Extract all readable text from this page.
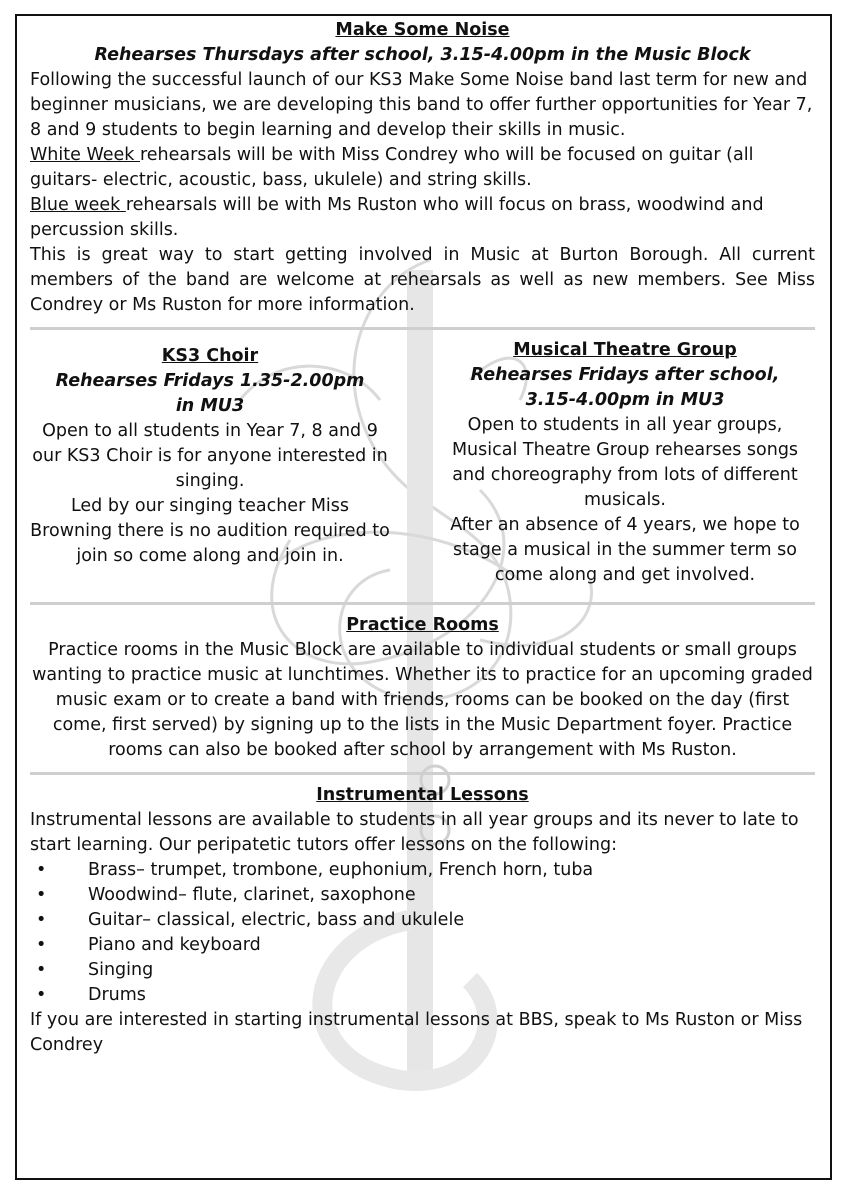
Make Some Noise
Rehearses Thursdays after school, 3.15-4.00pm in the Music Block
Following the successful launch of our KS3 Make Some Noise band last term for new and beginner musicians, we are developing this band to offer further opportunities for Year 7, 8 and 9 students to begin learning and develop their skills in music.
White Week rehearsals will be with Miss Condrey who will be focused on guitar (all guitars- electric, acoustic, bass, ukulele) and string skills.
Blue week rehearsals will be with Ms Ruston who will focus on brass, woodwind and percussion skills.
This is great way to start getting involved in Music at Burton Borough. All current members of the band are welcome at rehearsals as well as new members. See Miss Condrey or Ms Ruston for more information.
KS3 Choir
Rehearses Fridays 1.35-2.00pm
in MU3
Open to all students in Year 7, 8 and 9 our KS3 Choir is for anyone interested in singing.
Led by our singing teacher Miss Browning there is no audition required to join so come along and join in.
Musical Theatre Group
Rehearses Fridays after school,
3.15-4.00pm in MU3
Open to students in all year groups, Musical Theatre Group rehearses songs and choreography from lots of different musicals.
After an absence of 4 years, we hope to stage a musical in the summer term so come along and get involved.
Practice Rooms
Practice rooms in the Music Block are available to individual students or small groups wanting to practice music at lunchtimes. Whether its to practice for an upcoming graded music exam or to create a band with friends, rooms can be booked on the day (first come, first served) by signing up to the lists in the Music Department foyer. Practice rooms can also be booked after school by arrangement with Ms Ruston.
Instrumental Lessons
Instrumental lessons are available to students in all year groups and its never to late to start learning. Our peripatetic tutors offer lessons on the following:
• Brass– trumpet, trombone, euphonium, French horn, tuba
• Woodwind– flute, clarinet, saxophone
• Guitar– classical, electric, bass and ukulele
• Piano and keyboard
• Singing
• Drums
If you are interested in starting instrumental lessons at BBS, speak to Ms Ruston or Miss Condrey
